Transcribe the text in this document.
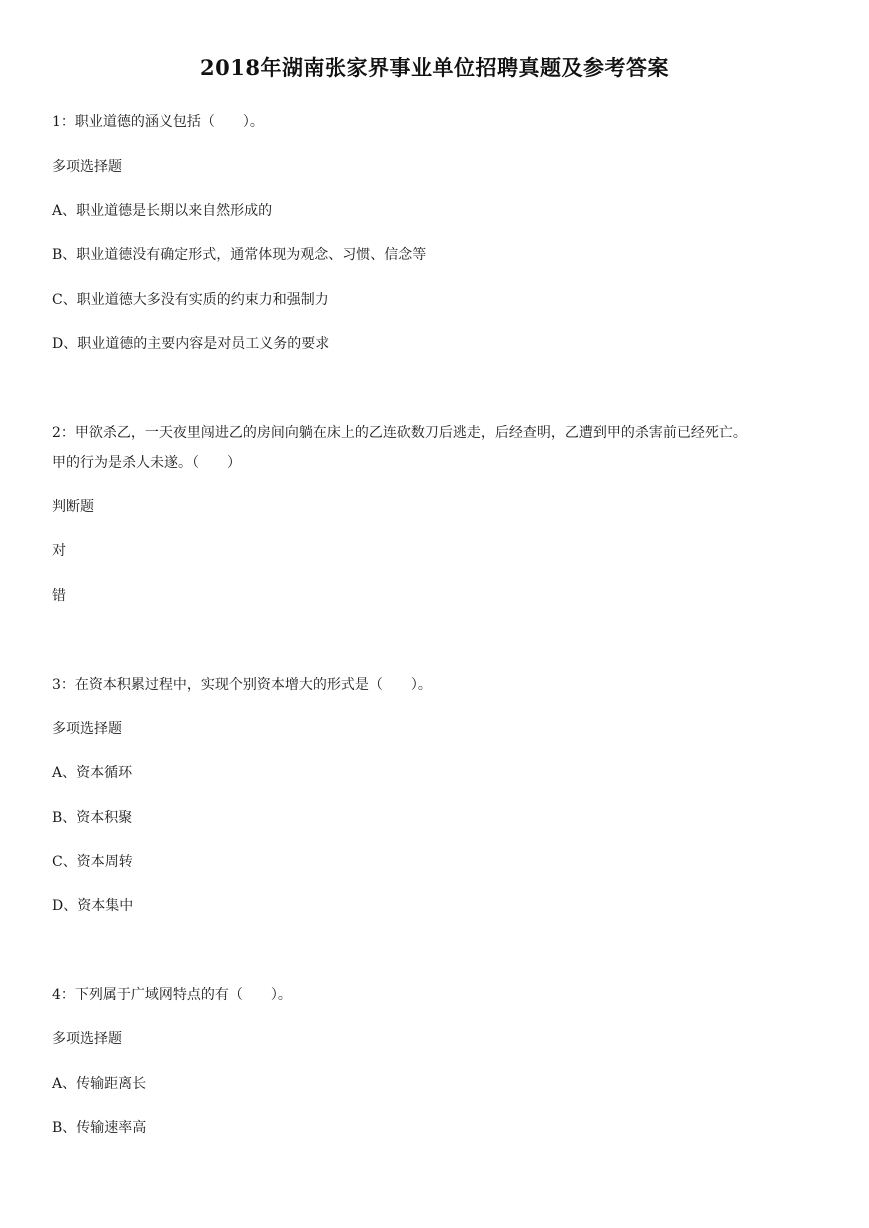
2018年湖南张家界事业单位招聘真题及参考答案
1：职业道德的涵义包括（　　）。
多项选择题
A、职业道德是长期以来自然形成的
B、职业道德没有确定形式，通常体现为观念、习惯、信念等
C、职业道德大多没有实质的约束力和强制力
D、职业道德的主要内容是对员工义务的要求
2：甲欲杀乙，一天夜里闯进乙的房间向躺在床上的乙连砍数刀后逃走，后经查明，乙遭到甲的杀害前已经死亡。
甲的行为是杀人未遂。（　　）
判断题
对
错
3：在资本积累过程中，实现个别资本增大的形式是（　　）。
多项选择题
A、资本循环
B、资本积聚
C、资本周转
D、资本集中
4：下列属于广域网特点的有（　　）。
多项选择题
A、传输距离长
B、传输速率高
